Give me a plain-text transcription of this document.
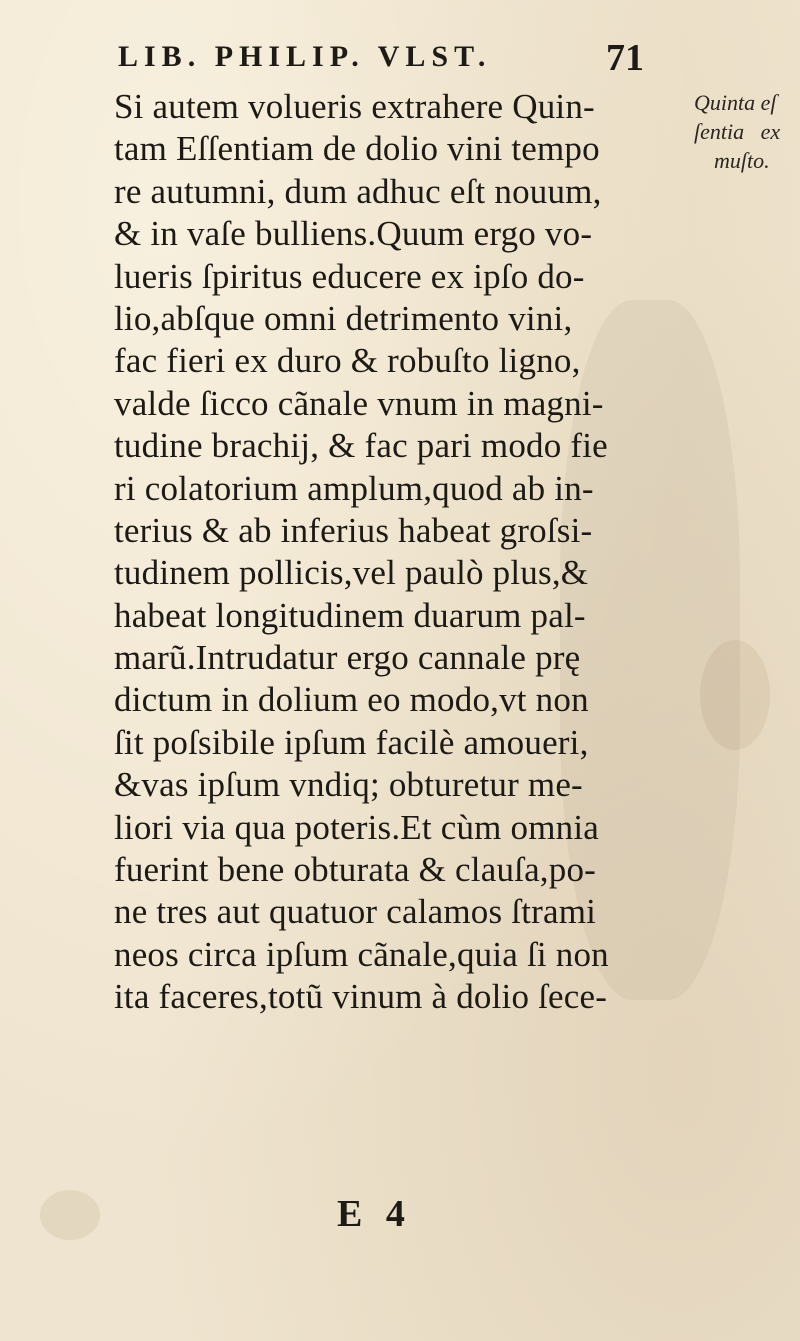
LIB. PHILIP. VLST.	71
Si autem volueris extrahere Quin-
tam Eſſentiam de dolio vini tempo
re autumni, dum adhuc eſt nouum,
& in vaſe bulliens.Quum ergo vo-
lueris ſpiritus educere ex ipſo do-
lio,abſque omni detrimento vini,
fac fieri ex duro & robuſto ligno,
valde ſicco cãnale vnum in magni-
tudine brachij, & fac pari modo fie
ri colatorium amplum,quod ab in-
terius & ab inferius habeat groſsi-
tudinem pollicis,vel paulò plus,&
habeat longitudinem duarum pal-
marũ.Intrudatur ergo cannale prę
dictum in dolium eo modo,vt non
ſit poſsibile ipſum facilè amoueri,
&vas ipſum vndiq; obturetur me-
liori via qua poteris.Et cùm omnia
fuerint bene obturata & clauſa,po-
ne tres aut quatuor calamos ſtrami
neos circa ipſum cãnale,quia ſi non
ita faceres,totũ vinum à dolio ſece-
Quinta eſ
ſentia   ex
muſto.
E 4
